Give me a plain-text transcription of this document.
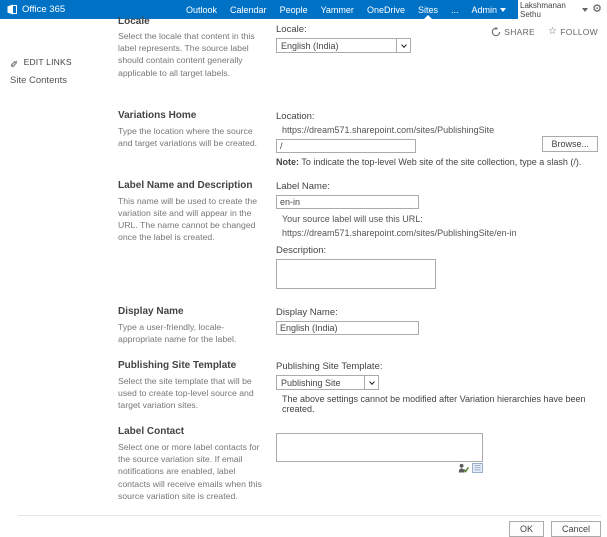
Office 365	Outlook Calendar People Yammer OneDrive Sites ... Admin	Lakshmanan Sethu	⚙
SHARE ☆ FOLLOW
✎ EDIT LINKS
Site Contents
Locale
Select the locale that content in this label represents. The source label should contain content generally applicable to all target labels.
Locale:
English (India)
Variations Home
Type the location where the source and target variations will be created.
Location:
https://dream571.sharepoint.com/sites/PublishingSite
/
Browse...
Note: To indicate the top-level Web site of the site collection, type a slash (/).
Label Name and Description
This name will be used to create the variation site and will appear in the URL. The name cannot be changed once the label is created.
Label Name:
en-in
Your source label will use this URL:
https://dream571.sharepoint.com/sites/PublishingSite/en-in
Description:
Display Name
Type a user-friendly, locale-appropriate name for the label.
Display Name:
English (India)
Publishing Site Template
Select the site template that will be used to create top-level source and target variation sites.
Publishing Site Template:
Publishing Site
The above settings cannot be modified after Variation hierarchies have been created.
Label Contact
Select one or more label contacts for the source variation site. If email notifications are enabled, label contacts will receive emails when this source variation site is created.
OK	Cancel
